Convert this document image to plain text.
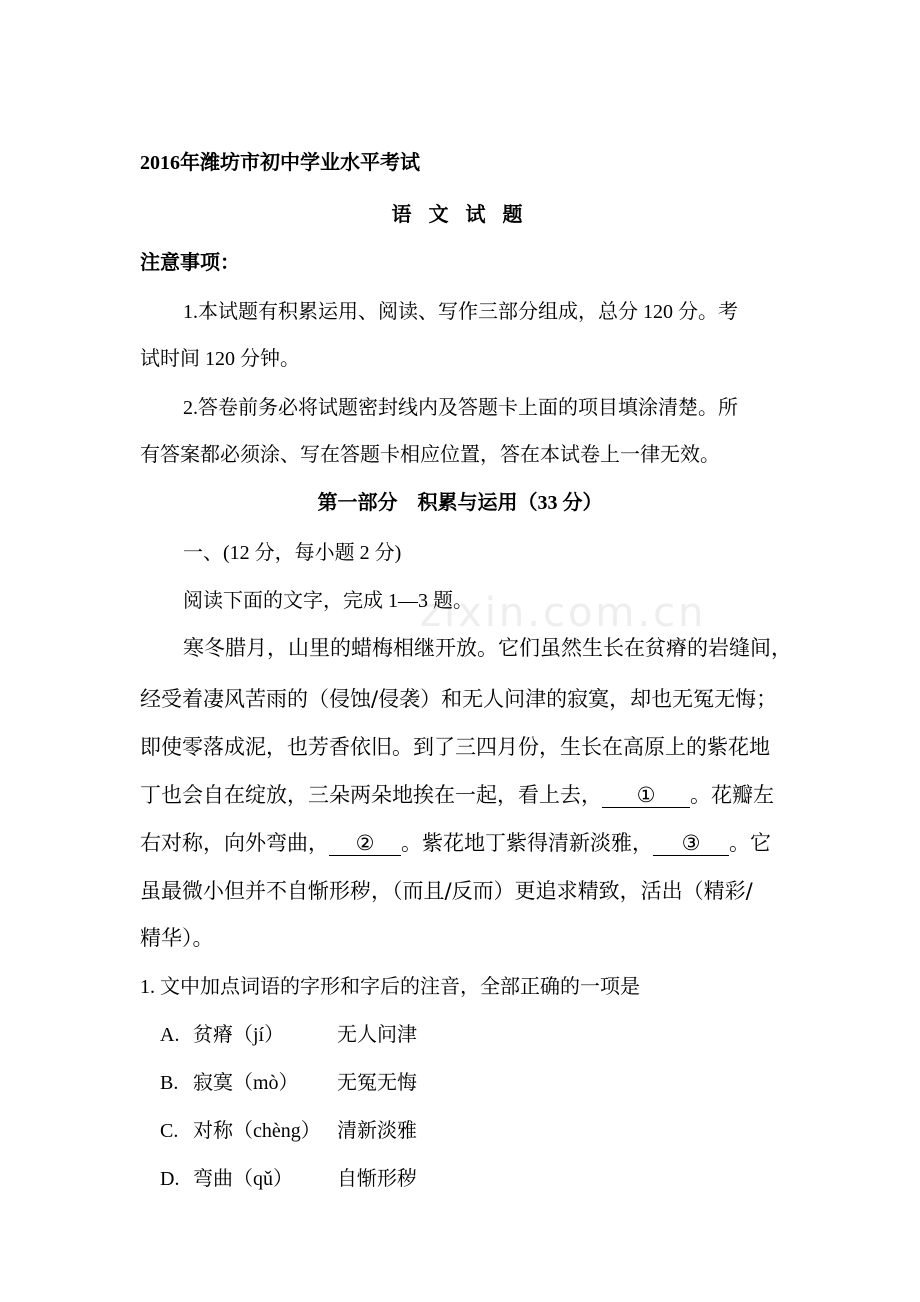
zixin.com.cn
2016年潍坊市初中学业水平考试
语 文 试 题
注意事项：
1.本试题有积累运用、阅读、写作三部分组成，总分 120 分。考
试时间 120 分钟。
2.答卷前务必将试题密封线内及答题卡上面的项目填涂清楚。所
有答案都必须涂、写在答题卡相应位置，答在本试卷上一律无效。
第一部分　积累与运用（33 分）
一、(12 分，每小题 2 分)
阅读下面的文字，完成 1—3 题。
寒冬腊月，山里的蜡梅相继开放。它们虽然生长在贫瘠的岩缝间，
经受着凄风苦雨的（侵蚀/侵袭）和无人问津的寂寞，却也无冤无悔；
即使零落成泥，也芳香依旧。到了三四月份，生长在高原上的紫花地
丁也会自在绽放，三朵两朵地挨在一起，看上去， ① 。花瓣左
右对称，向外弯曲， ② 。紫花地丁紫得清新淡雅， ③ 。它
虽最微小但并不自惭形秽，（而且/反而）更追求精致，活出（精彩/
精华）。
1. 文中加点词语的字形和字后的注音，全部正确的一项是
A. 贫瘠（jí）	无人问津
B. 寂寞（mò） 无冤无悔
C. 对称（chèng） 清新淡雅
D. 弯曲（qǔ） 自惭形秽
